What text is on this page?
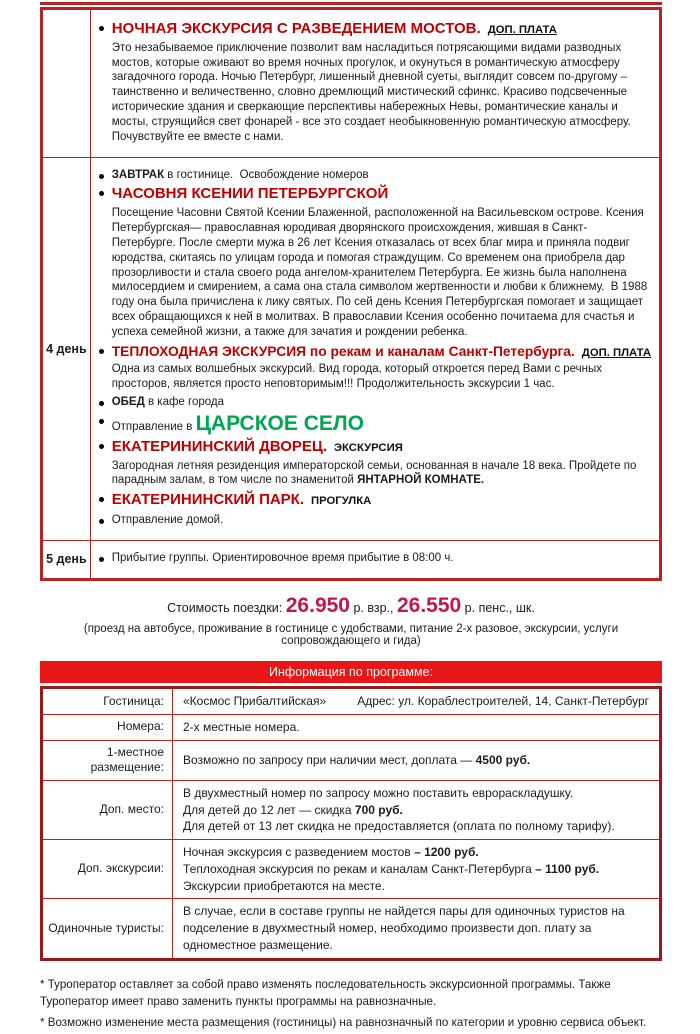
	НОЧНАЯ ЭКСКУРСИЯ С РАЗВЕДЕНИЕМ МОСТОВ. ДОП. ПЛАТА
Это незабываемое приключение позволит вам насладиться потрясающими видами разводных мостов, которые оживают во время ночных прогулок, и окунуться в романтическую атмосферу загадочного города. Ночью Петербург, лишенный дневной суеты, выглядит совсем по-другому – таинственно и величественно, словно дремлющий мистический сфинкс. Красиво подсвеченные исторические здания и сверкающие перспективы набережных Невы, романтические каналы и мосты, струящийся свет фонарей - все это создает необыкновенную романтическую атмосферу. Почувствуйте ее вместе с нами.

4 день	
ЗАВТРАК в гостинице.  Освобождение номеров
ЧАСОВНЯ КСЕНИИ ПЕТЕРБУРГСКОЙ
Посещение Часовни Святой Ксении Блаженной, расположенной на Васильевском острове. Ксения Петербургская— православная юродивая дворянского происхождения, жившая в Санкт-Петербурге. После смерти мужа в 26 лет Ксения отказалась от всех благ мира и приняла подвиг юродства, скитаясь по улицам города и помогая страждущим. Со временем она приобрела дар прозорливости и стала своего рода ангелом-хранителем Петербурга. Ее жизнь была наполнена милосердием и смирением, а сама она стала символом жертвенности и любви к ближнему.  В 1988 году она была причислена к лику святых. По сей день Ксения Петербургская помогает и защищает всех обращающихся к ней в молитвах. В православии Ксения особенно почитаема для счастья и успеха семейной жизни, а также для зачатия и рождении ребенка.
ТЕПЛОХОДНАЯ ЭКСКУРСИЯ по рекам и каналам Санкт-Петербурга. ДОП. ПЛАТА
Одна из самых волшебных экскурсий. Вид города, который откроется перед Вами с речных  просторов, является просто неповторимым!!! Продолжительность экскурсии 1 час.
ОБЕД в кафе города
Отправление в ЦАРСКОЕ СЕЛО
ЕКАТЕРИНИНСКИЙ ДВОРЕЦ. ЭКСКУРСИЯ
Загородная летняя резиденция императорской семьи, основанная в начале 18 века. Пройдете по парадным залам, в том числе по знаменитой ЯНТАРНОЙ КОМНАТЕ.
ЕКАТЕРИНИНСКИЙ ПАРК. ПРОГУЛКА
Отправление домой.

5 день	Прибытие группы. Ориентировочное время прибытие в 08:00 ч.
Стоимость поездки: 26.950 р. взр., 26.550 р. пенс., шк.
(проезд на автобусе, проживание в гостинице с удобствами, питание 2-х разовое, экскурсии, услуги сопровождающего и гида)
Информация по программе:
Гостиница:	«Космос Прибалтийская» Адрес: ул. Кораблестроителей, 14, Санкт-Петербург

Номера:	2-х местные номера.
1-местное размещение:	Возможно по запросу при наличии мест, доплата — 4500 руб.
Доп. место:	В двухместный номер по запросу можно поставить еврораскладушку.
Для детей до 12 лет — скидка 700 руб.
Для детей от 13 лет скидка не предоставляется (оплата по полному тарифу).

Доп. экскурсии:	Ночная экскурсия с разведением мостов – 1200 руб.
Теплоходная экскурсия по рекам и каналам Санкт-Петербурга – 1100 руб.
Экскурсии приобретаются на месте.

Одиночные туристы:	В случае, если в составе группы не найдется пары для одиночных туристов на подселение в двухместный номер, необходимо произвести доп. плату за одноместное размещение.
* Туроператор оставляет за собой право изменять последовательность экскурсионной программы. Также Туроператор имеет право заменить пункты программы на равнозначные.
* Возможно изменение места размещения (гостиницы) на равнозначный по категории и уровню сервиса объект.
